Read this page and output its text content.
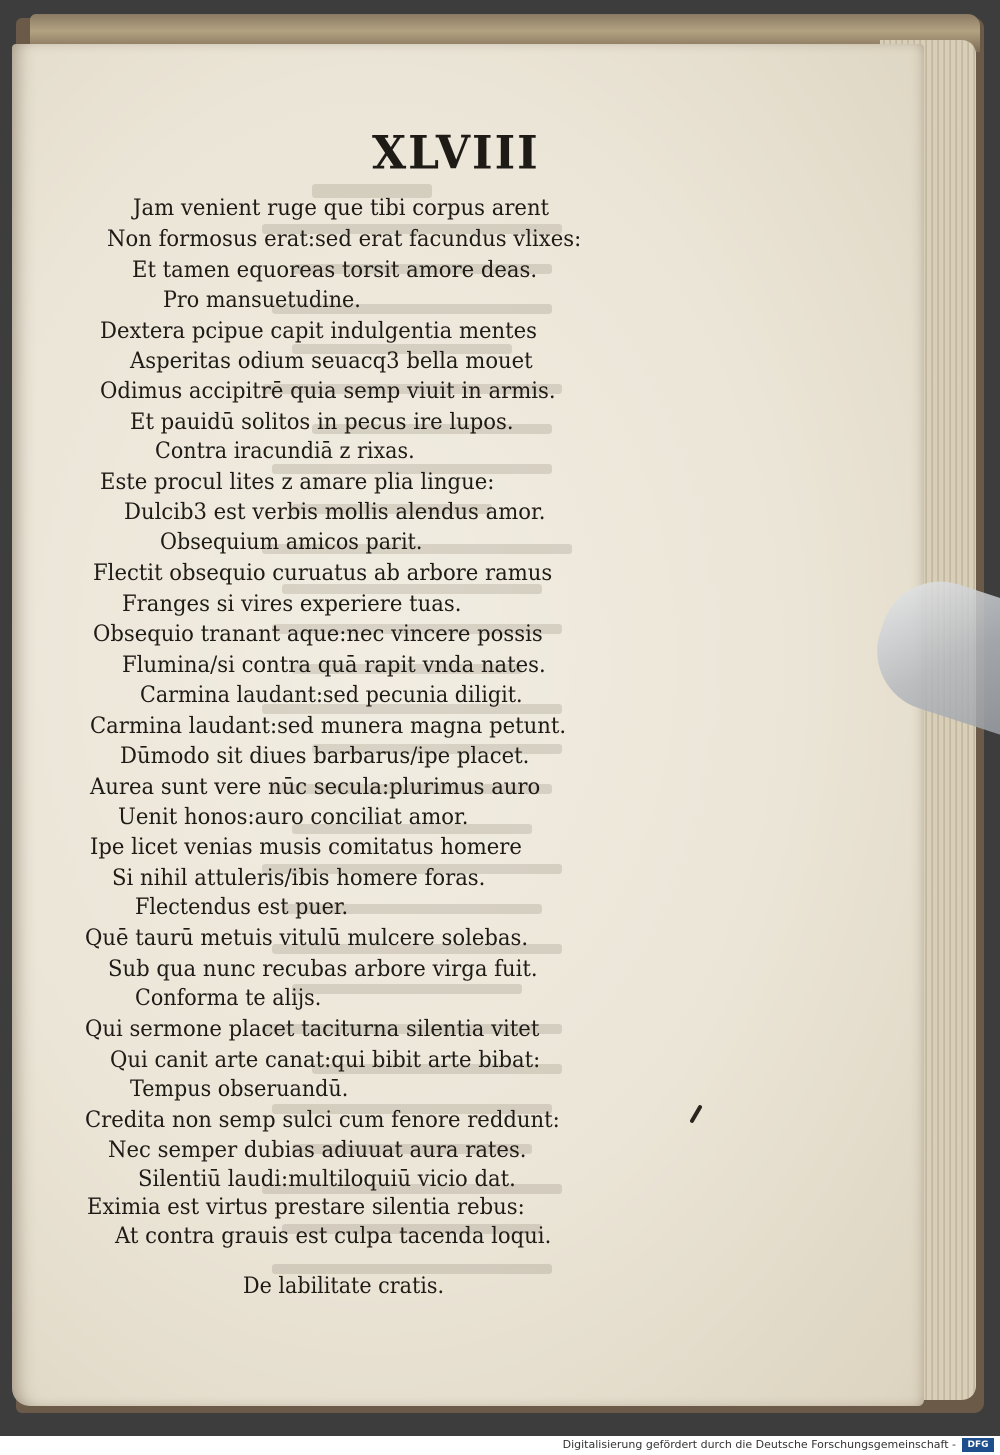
XLVIII
Jam venient ruge que tibi corpus arent
Non formosus erat:sed erat facundus vlixes:
Et tamen equoreas torsit amore deas.
Pro mansuetudine.
Dextera pcipue capit indulgentia mentes
Asperitas odium seuacq3 bella mouet
Odimus accipitrē quia semp viuit in armis.
Et pauidū solitos in pecus ire lupos.
Contra iracundiā z rixas.
Este procul lites z amare plia lingue:
Dulcib3 est verbis mollis alendus amor.
Obsequium amicos parit.
Flectit obsequio curuatus ab arbore ramus
Franges si vires experiere tuas.
Obsequio tranant aque:nec vincere possis
Flumina/si contra quā rapit vnda nates.
Carmina laudant:sed pecunia diligit.
Carmina laudant:sed munera magna petunt.
Dūmodo sit diues barbarus/ipe placet.
Aurea sunt vere nūc secula:plurimus auro
Uenit honos:auro conciliat amor.
Ipe licet venias musis comitatus homere
Si nihil attuleris/ibis homere foras.
Flectendus est puer.
Quē taurū metuis vitulū mulcere solebas.
Sub qua nunc recubas arbore virga fuit.
Conforma te alijs.
Qui sermone placet taciturna silentia vitet
Qui canit arte canat:qui bibit arte bibat:
Tempus obseruandū.
Credita non semp sulci cum fenore reddunt:
Nec semper dubias adiuuat aura rates.
Silentiū laudi:multiloquiū vicio dat.
Eximia est virtus prestare silentia rebus:
At contra grauis est culpa tacenda loqui.
De labilitate cratis.
Digitalisierung gefördert durch die Deutsche Forschungsgemeinschaft -	DFG
